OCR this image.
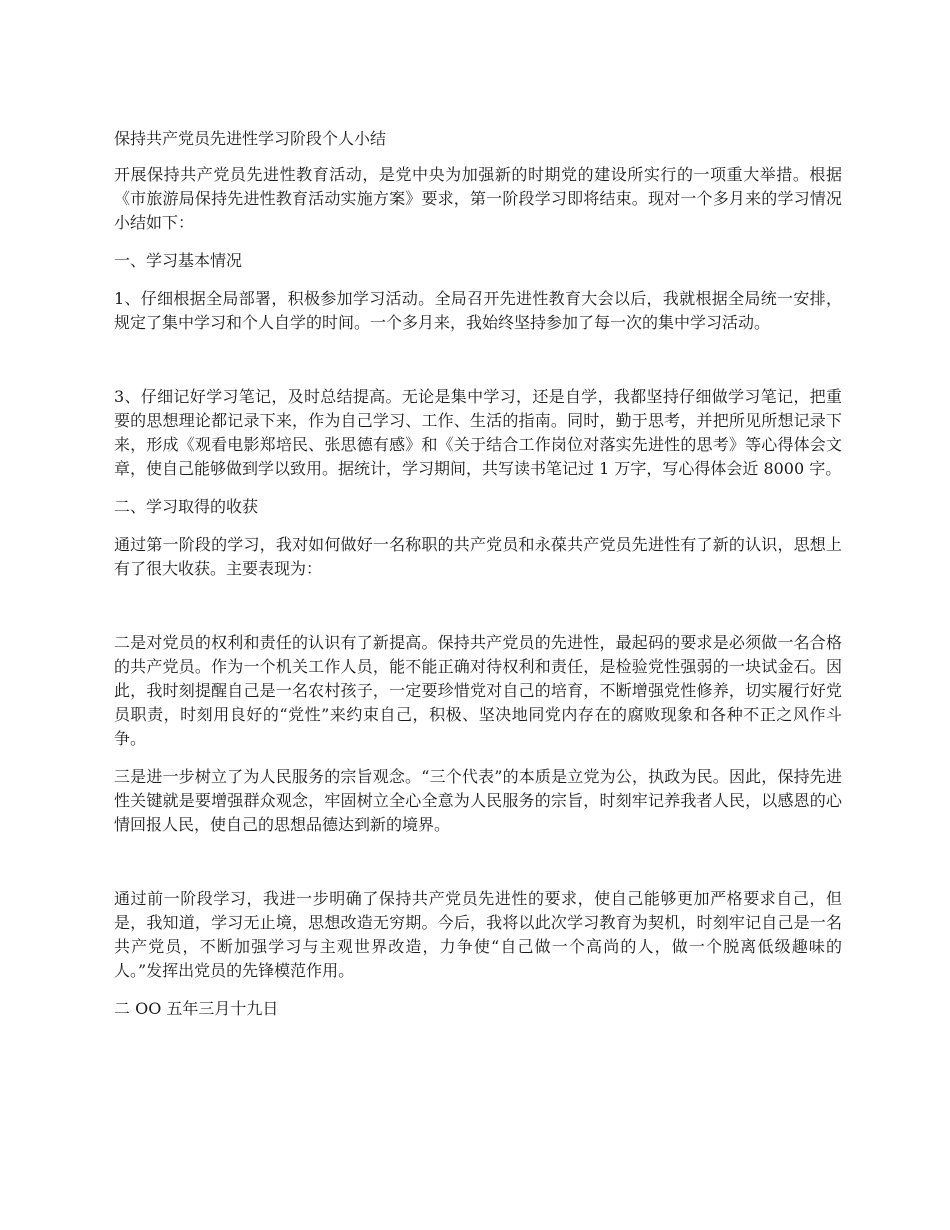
保持共产党员先进性学习阶段个人小结

开展保持共产党员先进性教育活动，是党中央为加强新的时期党的建设所实行的一项重大举措。根据《市旅游局保持先进性教育活动实施方案》要求，第一阶段学习即将结束。现对一个多月来的学习情况小结如下：

一、学习基本情况

1、仔细根据全局部署，积极参加学习活动。全局召开先进性教育大会以后，我就根据全局统一安排，规定了集中学习和个人自学的时间。一个多月来，我始终坚持参加了每一次的集中学习活动。

3、仔细记好学习笔记，及时总结提高。无论是集中学习，还是自学，我都坚持仔细做学习笔记，把重要的思想理论都记录下来，作为自己学习、工作、生活的指南。同时，勤于思考，并把所见所想记录下来，形成《观看电影郑培民、张思德有感》和《关于结合工作岗位对落实先进性的思考》等心得体会文章，使自己能够做到学以致用。据统计，学习期间，共写读书笔记过 1 万字，写心得体会近 8000 字。

二、学习取得的收获

通过第一阶段的学习，我对如何做好一名称职的共产党员和永葆共产党员先进性有了新的认识，思想上有了很大收获。主要表现为：

二是对党员的权利和责任的认识有了新提高。保持共产党员的先进性，最起码的要求是必须做一名合格的共产党员。作为一个机关工作人员，能不能正确对待权利和责任，是检验党性强弱的一块试金石。因此，我时刻提醒自己是一名农村孩子，一定要珍惜党对自己的培育，不断增强党性修养，切实履行好党员职责，时刻用良好的“党性”来约束自己，积极、坚决地同党内存在的腐败现象和各种不正之风作斗争。

三是进一步树立了为人民服务的宗旨观念。“三个代表”的本质是立党为公，执政为民。因此，保持先进性关键就是要增强群众观念，牢固树立全心全意为人民服务的宗旨，时刻牢记养我者人民，以感恩的心情回报人民，使自己的思想品德达到新的境界。

通过前一阶段学习，我进一步明确了保持共产党员先进性的要求，使自己能够更加严格要求自己，但是，我知道，学习无止境，思想改造无穷期。今后，我将以此次学习教育为契机，时刻牢记自己是一名共产党员，不断加强学习与主观世界改造，力争使“自己做一个高尚的人，做一个脱离低级趣味的人。”发挥出党员的先锋模范作用。

二 OO 五年三月十九日
